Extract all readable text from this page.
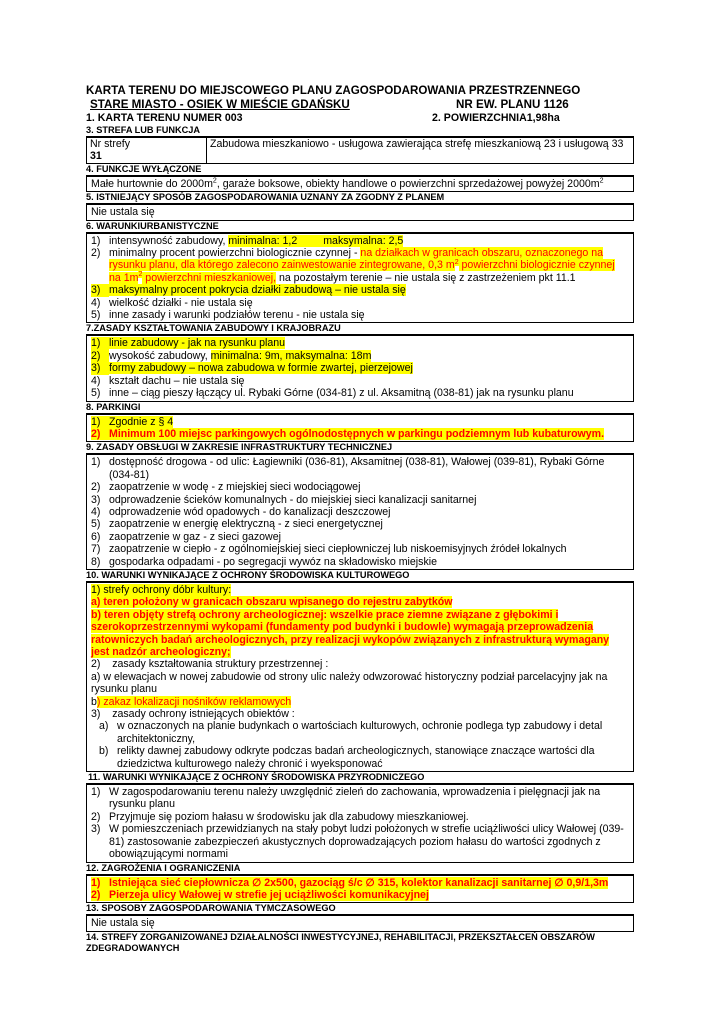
KARTA TERENU DO MIEJSCOWEGO PLANU ZAGOSPODAROWANIA PRZESTRZENNEGO
STARE MIASTO - OSIEK W MIEŚCIE GDAŃSKU	NR EW. PLANU 1126
1. KARTA TERENU NUMER 003	2. POWIERZCHNIA1,98ha
3. STREFA LUB FUNKCJA
Nr strefy
31
	Zabudowa mieszkaniowo - usługowa zawierająca strefę mieszkaniową 23 i usługową 33
4. FUNKCJE WYŁĄCZONE
Małe hurtownie do $2000m^2$, garaże boksowe, obiekty handlowe o powierzchni sprzedażowej powyżej $2000m^2$
5. ISTNIEJĄCY SPOSÓB ZAGOSPODAROWANIA UZNANY ZA ZGODNY Z PLANEM
Nie ustala się
6. WARUNKIURBANISTYCZNE
1) intensywność zabudowy, minimalna: 1,2 maksymalna: 2,5
2) minimalny procent powierzchni biologicznie czynnej - na działkach w granicach obszaru, oznaczonego na rysunku planu, dla którego zalecono zainwestowanie zintegrowane, 0,3 $m^2$ powierzchni biologicznie czynnej na $1m^2$ powierzchni mieszkaniowej, na pozostałym terenie – nie ustala się z zastrzeżeniem pkt 11.1
3) maksymalny procent pokrycia działki zabudową – nie ustala się
4) wielkość działki - nie ustala się
5) inne zasady i warunki podziałów terenu - nie ustala się
7.ZASADY KSZTAŁTOWANIA ZABUDOWY I KRAJOBRAZU
1) linie zabudowy - jak na rysunku planu
2) wysokość zabudowy, minimalna: 9m, maksymalna: 18m
3) formy zabudowy – nowa zabudowa w formie zwartej, pierzejowej
4) kształt dachu – nie ustala się
5) inne – ciąg pieszy łączący ul. Rybaki Górne (034-81) z ul. Aksamitną (038-81) jak na rysunku planu
8. PARKINGI
1) Zgodnie z § 4
2) Minimum 100 miejsc parkingowych ogólnodostępnych w parkingu podziemnym lub kubaturowym.
9. ZASADY OBSŁUGI W ZAKRESIE INFRASTRUKTURY TECHNICZNEJ
1) dostępność drogowa - od ulic: Łagiewniki (036-81), Aksamitnej (038-81), Wałowej (039-81), Rybaki Górne (034-81)
2) zaopatrzenie w wodę - z miejskiej sieci wodociągowej
3) odprowadzenie ścieków komunalnych - do miejskiej sieci kanalizacji sanitarnej
4) odprowadzenie wód opadowych - do kanalizacji deszczowej
5) zaopatrzenie w energię elektryczną - z sieci energetycznej
6) zaopatrzenie w gaz - z sieci gazowej
7) zaopatrzenie w ciepło - z ogólnomiejskiej sieci ciepłowniczej lub niskoemisyjnych źródeł lokalnych
8) gospodarka odpadami - po segregacji wywóz na składowisko miejskie
10. WARUNKI WYNIKAJĄCE Z OCHRONY ŚRODOWISKA KULTUROWEGO
1) strefy ochrony dóbr kultury:
a) teren położony w granicach obszaru wpisanego do rejestru zabytków
b) teren objęty strefą ochrony archeologicznej: wszelkie prace ziemne związane z głębokimi i szerokoprzestrzennymi wykopami (fundamenty pod budynki i budowle) wymagają przeprowadzenia ratowniczych badań archeologicznych, przy realizacji wykopów związanych z infrastrukturą wymagany jest nadzór archeologiczny;
2)    zasady kształtowania struktury przestrzennej :
a) w elewacjach w nowej zabudowie od strony ulic należy odwzorować historyczny podział parcelacyjny jak na rysunku planu
b) zakaz lokalizacji nośników reklamowych
3)    zasady ochrony istniejących obiektów :
a) w oznaczonych na planie budynkach o wartościach kulturowych, ochronie podlega typ zabudowy i detal architektoniczny,
b) relikty dawnej zabudowy odkryte podczas badań archeologicznych, stanowiące znaczące wartości dla dziedzictwa kulturowego należy chronić i wyeksponować
11. WARUNKI WYNIKAJĄCE Z OCHRONY ŚRODOWISKA PRZYRODNICZEGO
1) W zagospodarowaniu terenu należy uwzględnić zieleń do zachowania, wprowadzenia i pielęgnacji jak na rysunku planu
2) Przyjmuje się poziom hałasu w środowisku jak dla zabudowy mieszkaniowej.
3) W pomieszczeniach przewidzianych na stały pobyt ludzi położonych w strefie uciążliwości ulicy Wałowej (039-81) zastosowanie zabezpieczeń akustycznych doprowadzających poziom hałasu do wartości zgodnych z obowiązującymi normami
12. ZAGROŻENIA I OGRANICZENIA
1) Istniejąca sieć ciepłownicza ∅ 2x500, gazociąg ś/c ∅ 315, kolektor kanalizacji sanitarnej ∅ 0,9/1,3m
2) Pierzeja ulicy Wałowej w strefie jej uciążliwości komunikacyjnej
13. SPOSOBY ZAGOSPODAROWANIA TYMCZASOWEGO
Nie ustala się
14. STREFY ZORGANIZOWANEJ DZIAŁALNOŚCI INWESTYCYJNEJ, REHABILITACJI, PRZEKSZTAŁCEŃ OBSZARÓW ZDEGRADOWANYCH
